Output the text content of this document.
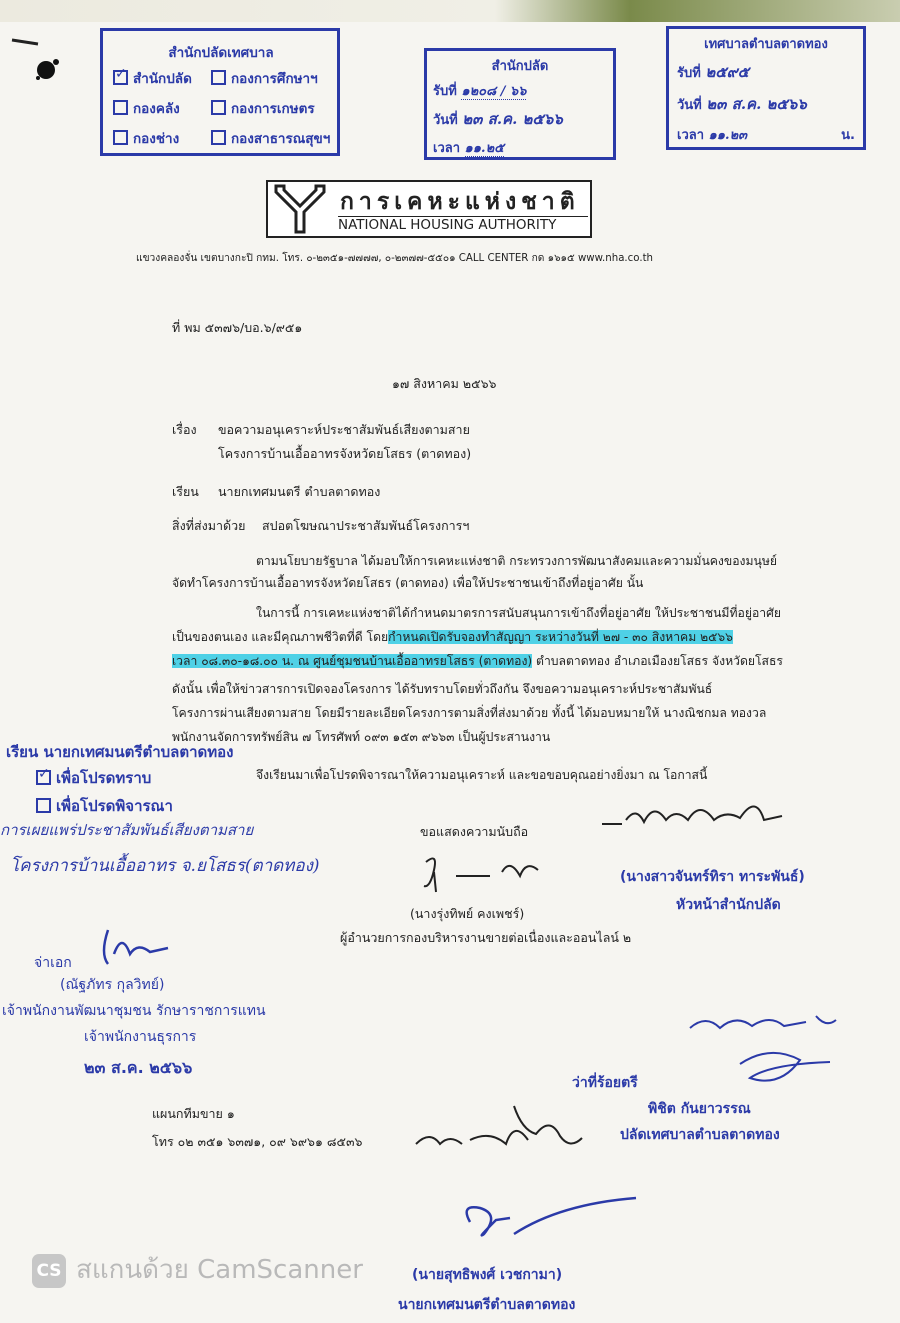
สำนักปลัดเทศบาล
✓สำนักปลัด	กองการศึกษาฯ
กองคลัง	กองการเกษตร
กองช่าง	กองสาธารณสุขฯ
สำนักปลัด
รับที่ ๑๒๐๘ / ๖๖
วันที่ ๒๓ ส.ค. ๒๕๖๖
เวลา ๑๑.๒๕
เทศบาลตำบลตาดทอง
รับที่ ๒๕๙๕
วันที่ ๒๓ ส.ค. ๒๕๖๖
เวลา ๑๑.๒๓	น.
การเคหะแห่งชาติ
NATIONAL HOUSING AUTHORITY
แขวงคลองจั่น เขตบางกะปิ กทม. โทร. ๐-๒๓๕๑-๗๗๗๗, ๐-๒๓๗๗-๕๕๐๑ CALL CENTER กด ๑๖๑๕ www.nha.co.th
ที่ พม ๕๓๗๖/บอ.๖/๙๕๑
๑๗ สิงหาคม ๒๕๖๖
เรื่อง ขอความอนุเคราะห์ประชาสัมพันธ์เสียงตามสาย
โครงการบ้านเอื้ออาทรจังหวัดยโสธร (ตาดทอง)
เรียน นายกเทศมนตรี ตำบลตาดทอง
สิ่งที่ส่งมาด้วย สปอตโฆษณาประชาสัมพันธ์โครงการฯ
ตามนโยบายรัฐบาล ได้มอบให้การเคหะแห่งชาติ กระทรวงการพัฒนาสังคมและความมั่นคงของมนุษย์
จัดทำโครงการบ้านเอื้ออาทรจังหวัดยโสธร (ตาดทอง) เพื่อให้ประชาชนเข้าถึงที่อยู่อาศัย นั้น
ในการนี้ การเคหะแห่งชาติได้กำหนดมาตรการสนับสนุนการเข้าถึงที่อยู่อาศัย ให้ประชาชนมีที่อยู่อาศัย
เป็นของตนเอง และมีคุณภาพชีวิตที่ดี โดยกำหนดเปิดรับจองทำสัญญา ระหว่างวันที่ ๒๗ - ๓๐ สิงหาคม ๒๕๖๖
เวลา ๐๘.๓๐-๑๘.๐๐ น. ณ ศูนย์ชุมชนบ้านเอื้ออาทรยโสธร (ตาดทอง) ตำบลตาดทอง อำเภอเมืองยโสธร จังหวัดยโสธร
ดังนั้น เพื่อให้ข่าวสารการเปิดจองโครงการ ได้รับทราบโดยทั่วถึงกัน จึงขอความอนุเคราะห์ประชาสัมพันธ์
โครงการผ่านเสียงตามสาย โดยมีรายละเอียดโครงการตามสิ่งที่ส่งมาด้วย ทั้งนี้ ได้มอบหมายให้ นางณิชกมล ทองวล
พนักงานจัดการทรัพย์สิน ๗ โทรศัพท์ ๐๙๓ ๑๕๓ ๙๖๖๓ เป็นผู้ประสานงาน
จึงเรียนมาเพื่อโปรดพิจารณาให้ความอนุเคราะห์ และขอขอบคุณอย่างยิ่งมา ณ โอกาสนี้
ขอแสดงความนับถือ
(นางรุ่งทิพย์ คงเพชร์)
ผู้อำนวยการกองบริหารงานขายต่อเนื่องและออนไลน์ ๒
แผนกทีมขาย ๑
โทร ๐๒ ๓๕๑ ๖๓๗๑, ๐๙ ๖๙๖๑ ๘๕๓๖
เรียน นายกเทศมนตรีตำบลตาดทอง
✓เพื่อโปรดทราบ
เพื่อโปรดพิจารณา
การเผยแพร่ประชาสัมพันธ์เสียงตามสาย
โครงการบ้านเอื้ออาทร จ.ยโสธร(ตาดทอง)
จ่าเอก
(ณัฐภัทร กุลวิทย์)
เจ้าพนักงานพัฒนาชุมชน รักษาราชการแทน
เจ้าพนักงานธุรการ
๒๓ ส.ค. ๒๕๖๖
(นางสาวจันทร์ทิรา ทาระพันธ์)
หัวหน้าสำนักปลัด
ว่าที่ร้อยตรี
พิชิต กันยาวรรณ
ปลัดเทศบาลตำบลตาดทอง
(นายสุทธิพงศ์ เวชกามา)
นายกเทศมนตรีตำบลตาดทอง
CS สแกนด้วย CamScanner
